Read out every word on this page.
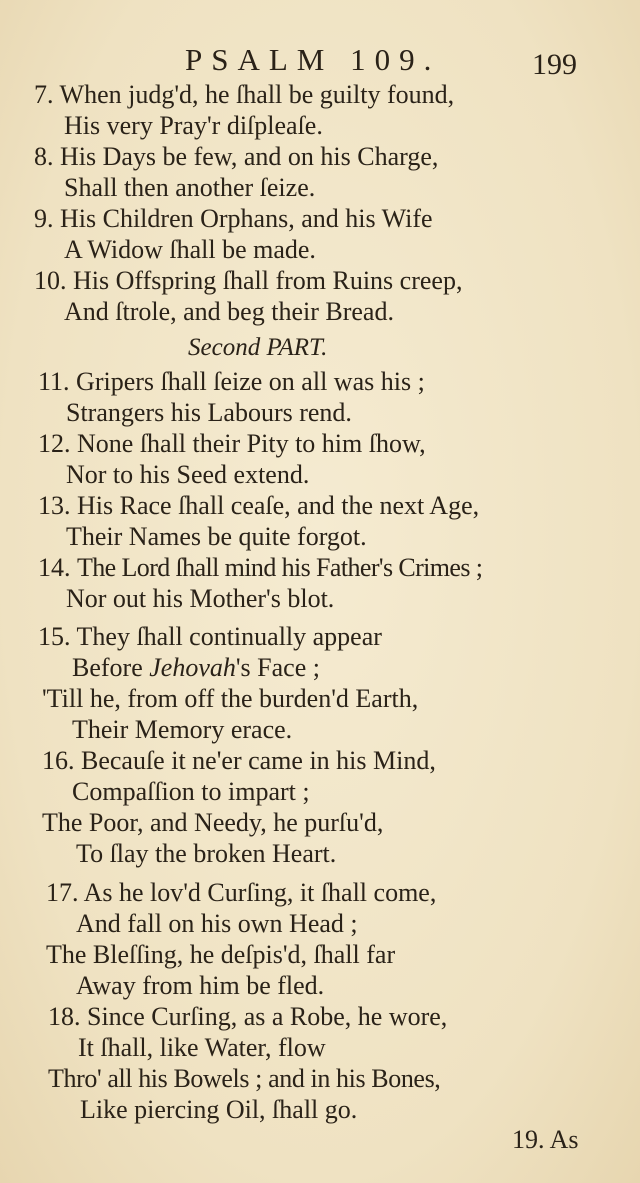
PSALM 109.	199
7. When judg'd, he ſhall be guilty found,
His very Pray'r diſpleaſe.
8. His Days be few, and on his Charge,
Shall then another ſeize.
9. His Children Orphans, and his Wife
A Widow ſhall be made.
10. His Offspring ſhall from Ruins creep,
And ſtrole, and beg their Bread.
Second PART.
11. Gripers ſhall ſeize on all was his ;
Strangers his Labours rend.
12. None ſhall their Pity to him ſhow,
Nor to his Seed extend.
13. His Race ſhall ceaſe, and the next Age,
Their Names be quite forgot.
14. The Lord ſhall mind his Father's Crimes ;
Nor out his Mother's blot.
15. They ſhall continually appear
Before Jehovah's Face ;
'Till he, from off the burden'd Earth,
Their Memory erace.
16. Becauſe it ne'er came in his Mind,
Compaſſion to impart ;
The Poor, and Needy, he purſu'd,
To ſlay the broken Heart.
17. As he lov'd Curſing, it ſhall come,
And fall on his own Head ;
The Bleſſing, he deſpis'd, ſhall far
Away from him be fled.
18. Since Curſing, as a Robe, he wore,
It ſhall, like Water, flow
Thro' all his Bowels ; and in his Bones,
Like piercing Oil, ſhall go.
19. As
